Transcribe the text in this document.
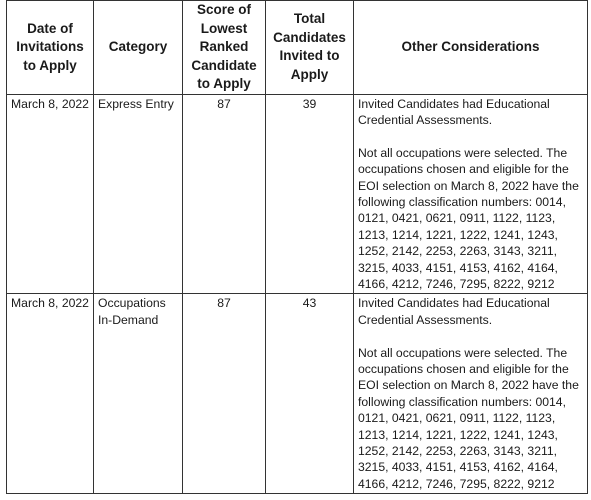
Date of Invitations to Apply	Category	Score of Lowest Ranked Candidate to Apply	Total Candidates Invited to Apply	Other Considerations
March 8, 2022	Express Entry	87	39	Invited Candidates had Educational Credential Assessments.
Not all occupations were selected. The occupations chosen and eligible for the EOI selection on March 8, 2022 have the following classification numbers: 0014, 0121, 0421, 0621, 0911, 1122, 1123, 1213, 1214, 1221, 1222, 1241, 1243, 1252, 2142, 2253, 2263, 3143, 3211, 3215, 4033, 4151, 4153, 4162, 4164, 4166, 4212, 7246, 7295, 8222, 9212

March 8, 2022	Occupations In-Demand	87	43	Invited Candidates had Educational Credential Assessments.
Not all occupations were selected. The occupations chosen and eligible for the EOI selection on March 8, 2022 have the following classification numbers: 0014, 0121, 0421, 0621, 0911, 1122, 1123, 1213, 1214, 1221, 1222, 1241, 1243, 1252, 2142, 2253, 2263, 3143, 3211, 3215, 4033, 4151, 4153, 4162, 4164, 4166, 4212, 7246, 7295, 8222, 9212
